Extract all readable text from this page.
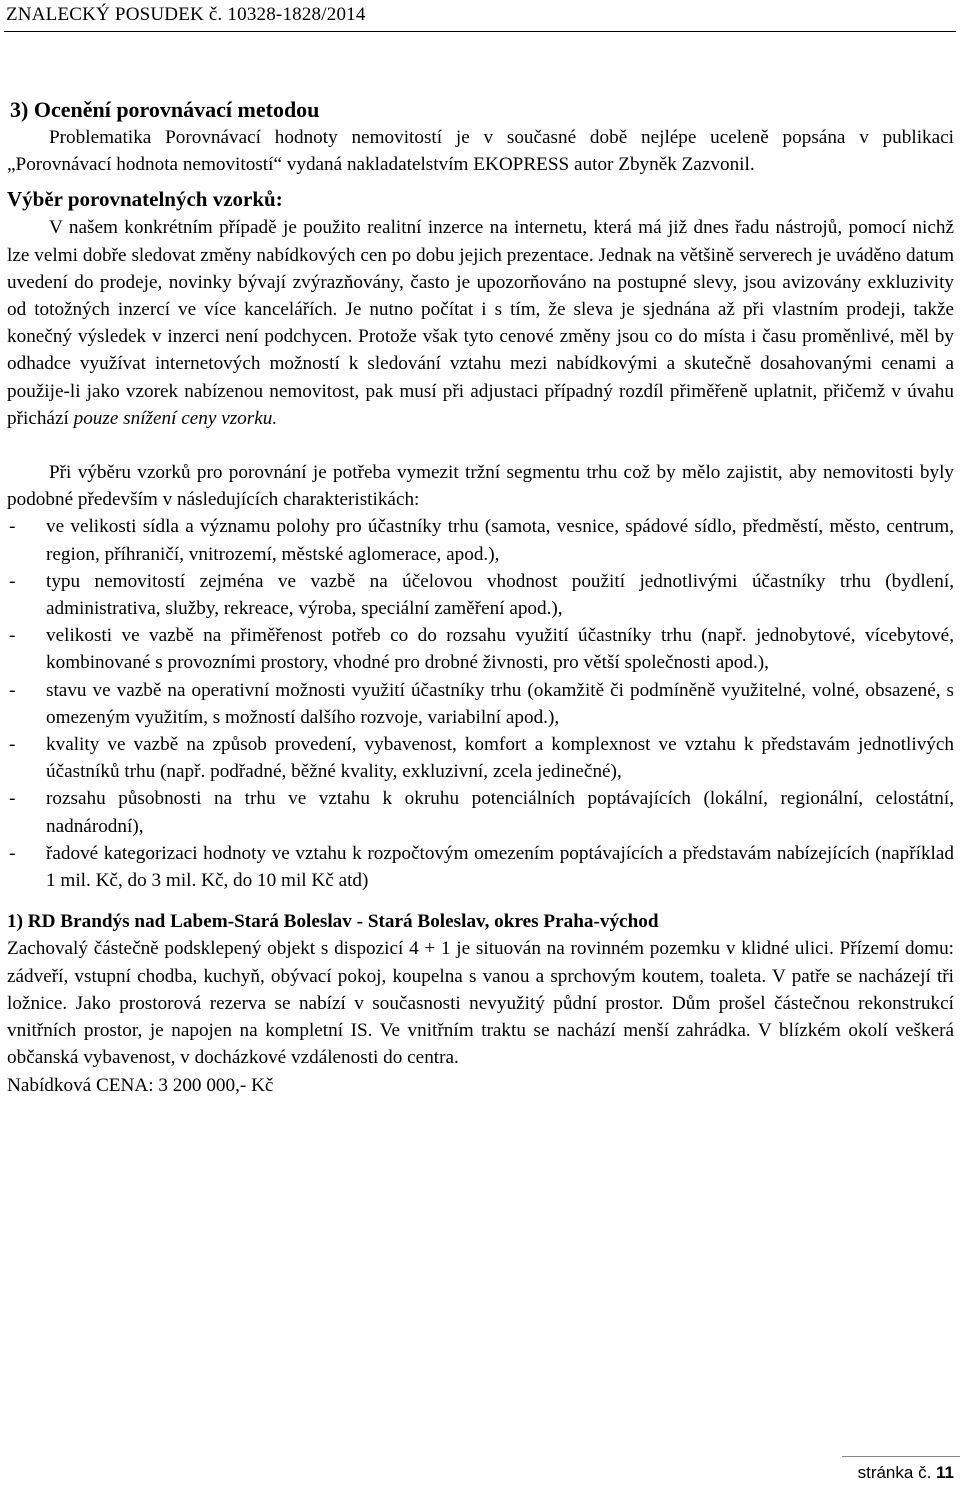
ZNALECKÝ POSUDEK č. 10328-1828/2014
3) Ocenění porovnávací metodou

Problematika Porovnávací hodnoty nemovitostí je v současné době nejlépe uceleně popsána v publikaci „Porovnávací hodnota nemovitostí“ vydaná nakladatelstvím EKOPRESS autor Zbyněk Zazvonil.

Výběr porovnatelných vzorků:

V našem konkrétním případě je použito realitní inzerce na internetu, která má již dnes řadu nástrojů, pomocí nichž lze velmi dobře sledovat změny nabídkových cen po dobu jejich prezentace. Jednak na většině serverech je uváděno datum uvedení do prodeje, novinky bývají zvýrazňovány, často je upozorňováno na postupné slevy, jsou avizovány exkluzivity od totožných inzercí ve více kancelářích. Je nutno počítat i s tím, že sleva je sjednána až při vlastním prodeji, takže konečný výsledek v inzerci není podchycen. Protože však tyto cenové změny jsou co do místa i času proměnlivé, měl by odhadce využívat internetových možností k sledování vztahu mezi nabídkovými a skutečně dosahovanými cenami a použije-li jako vzorek nabízenou nemovitost, pak musí při adjustaci případný rozdíl přiměřeně uplatnit, přičemž v úvahu přichází pouze snížení ceny vzorku.

Při výběru vzorků pro porovnání je potřeba vymezit tržní segmentu trhu což by mělo zajistit, aby nemovitosti byly podobné především v následujících charakteristikách:

- ve velikosti sídla a významu polohy pro účastníky trhu (samota, vesnice, spádové sídlo, předměstí, město, centrum, region, příhraničí, vnitrozemí, městské aglomerace, apod.),
- typu nemovitostí zejména ve vazbě na účelovou vhodnost použití jednotlivými účastníky trhu (bydlení, administrativa, služby, rekreace, výroba, speciální zaměření apod.),
- velikosti ve vazbě na přiměřenost potřeb co do rozsahu využití účastníky trhu (např. jednobytové, vícebytové, kombinované s provozními prostory, vhodné pro drobné živnosti, pro větší společnosti apod.),
- stavu ve vazbě na operativní možnosti využití účastníky trhu (okamžitě či podmíněně využitelné, volné, obsazené, s omezeným využitím, s možností dalšího rozvoje, variabilní apod.),
- kvality ve vazbě na způsob provedení, vybavenost, komfort a komplexnost ve vztahu k představám jednotlivých účastníků trhu (např. podřadné, běžné kvality, exkluzivní, zcela jedinečné),
- rozsahu působnosti na trhu ve vztahu k okruhu potenciálních poptávajících (lokální, regionální, celostátní, nadnárodní),
- řadové kategorizaci hodnoty ve vztahu k rozpočtovým omezením poptávajících a představám nabízejících (například 1 mil. Kč, do 3 mil. Kč, do 10 mil Kč atd)
1) RD Brandýs nad Labem-Stará Boleslav - Stará Boleslav, okres Praha-východ

Zachovalý částečně podsklepený objekt s dispozicí 4 + 1 je situován na rovinném pozemku v klidné ulici. Přízemí domu: zádveří, vstupní chodba, kuchyň, obývací pokoj, koupelna s vanou a sprchovým koutem, toaleta. V patře se nacházejí tři ložnice. Jako prostorová rezerva se nabízí v současnosti nevyužitý půdní prostor. Dům prošel částečnou rekonstrukcí vnitřních prostor, je napojen na kompletní IS. Ve vnitřním traktu se nachází menší zahrádka. V blízkém okolí veškerá občanská vybavenost, v docházkové vzdálenosti do centra.

Nabídková CENA: 3 200 000,- Kč

stránka č. 11
